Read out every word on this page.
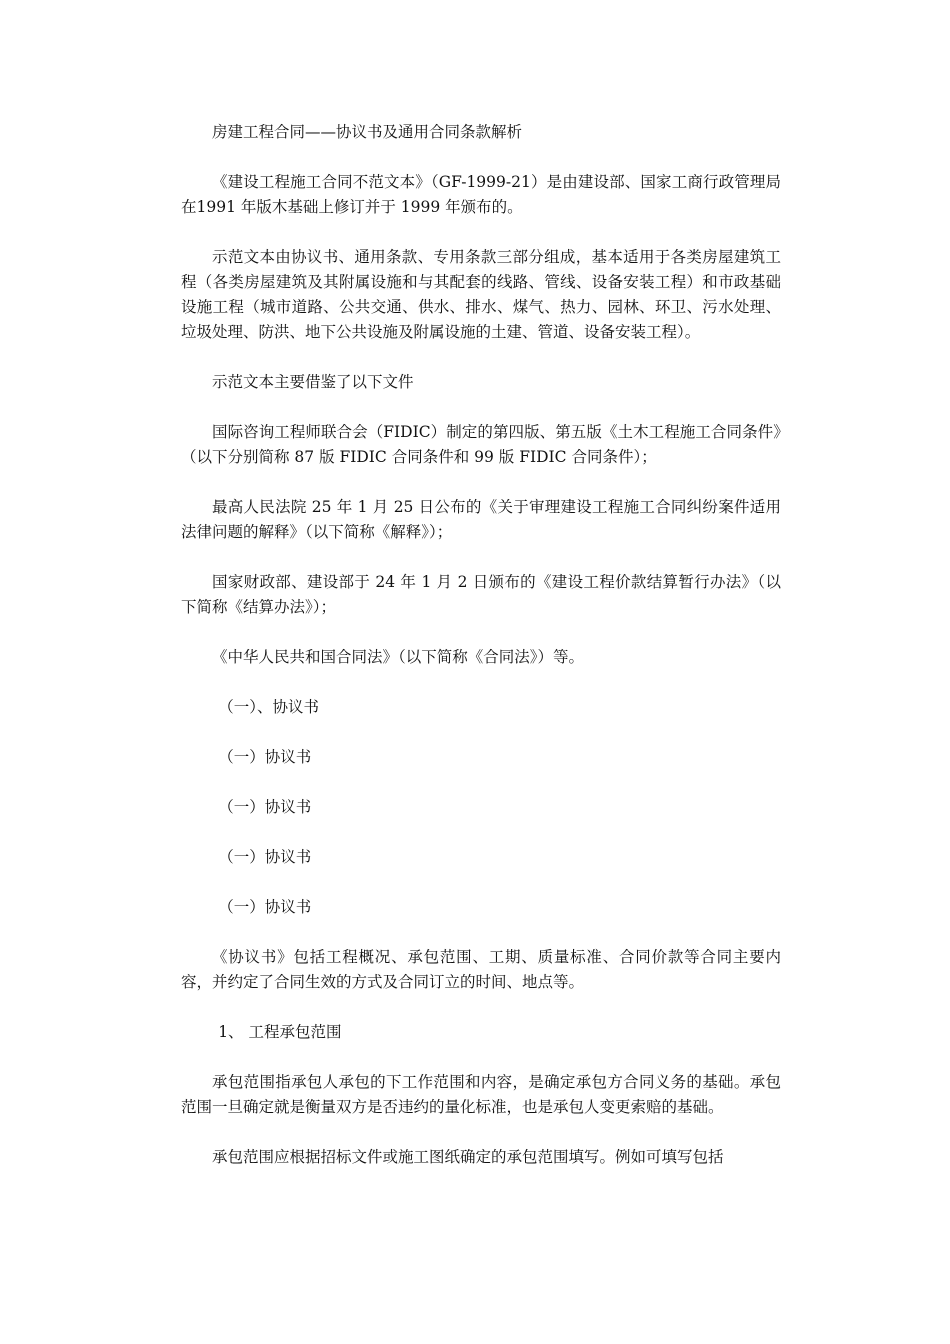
房建工程合同——协议书及通用合同条款解析

《建设工程施工合同不范文本》（GF-1999-21）是由建设部、国家工商行政管理局在1991 年版木基础上修订并于 1999 年颁布的。

示范文本由协议书、通用条款、专用条款三部分组成，基本适用于各类房屋建筑工程（各类房屋建筑及其附属设施和与其配套的线路、管线、设备安装工程）和市政基础设施工程（城市道路、公共交通、供水、排水、煤气、热力、园林、环卫、污水处理、垃圾处理、防洪、地下公共设施及附属设施的土建、管道、设备安装工程）。

示范文本主要借鉴了以下文件

国际咨询工程师联合会（FIDIC）制定的第四版、第五版《土木工程施工合同条件》（以下分别简称 87 版 FIDIC 合同条件和 99 版 FIDIC 合同条件）；

最高人民法院 25 年 1 月 25 日公布的《关于审理建设工程施工合同纠纷案件适用法律问题的解释》（以下简称《解释》）；

国家财政部、建设部于 24 年 1 月 2 日颁布的《建设工程价款结算暂行办法》（以下简称《结算办法》）；

《中华人民共和国合同法》（以下简称《合同法》）等。

（一）、协议书

（一）协议书

（一）协议书

（一）协议书

（一）协议书

《协议书》包括工程概况、承包范围、工期、质量标准、合同价款等合同主要内容，并约定了合同生效的方式及合同订立的时间、地点等。

1、 工程承包范围

承包范围指承包人承包的下工作范围和内容，是确定承包方合同义务的基础。承包范围一旦确定就是衡量双方是否违约的量化标准，也是承包人变更索赔的基础。

承包范围应根据招标文件或施工图纸确定的承包范围填写。例如可填写包括
